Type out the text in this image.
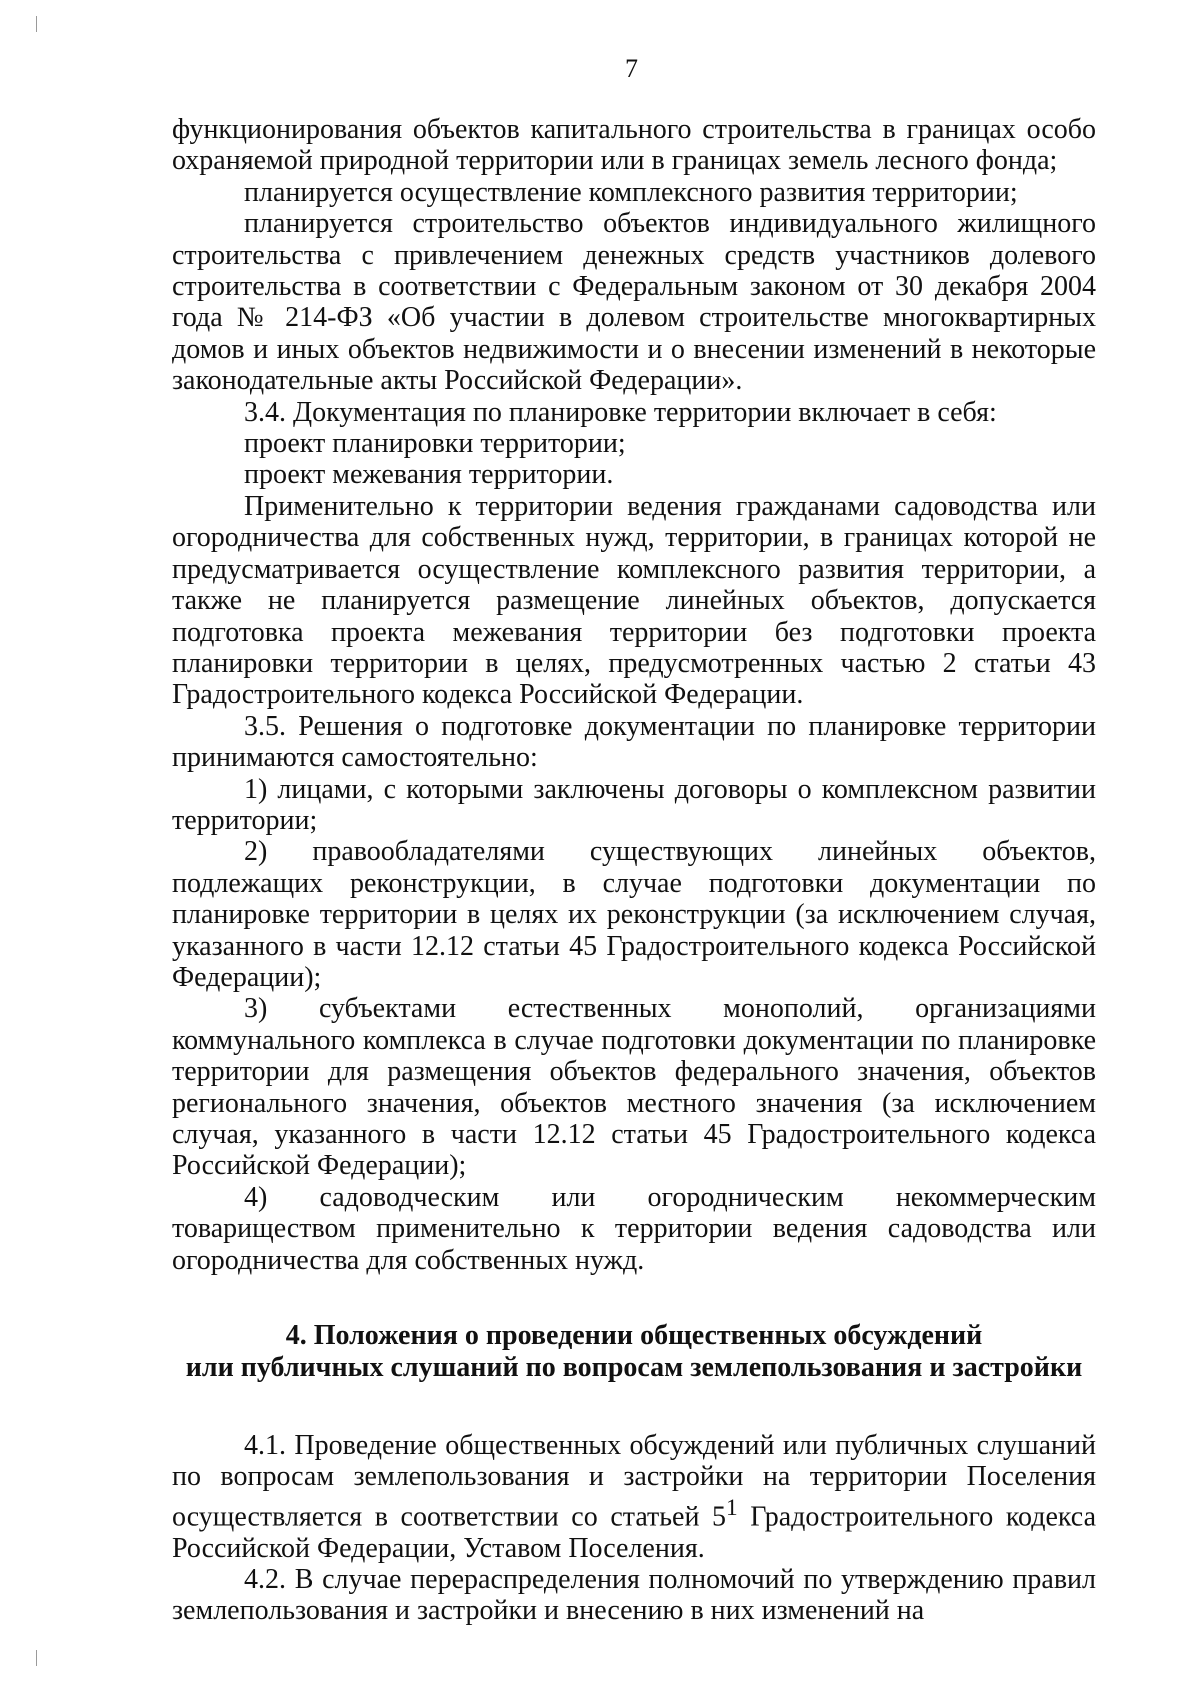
7

функционирования объектов капитального строительства в границах особо охраняемой природной территории или в границах земель лесного фонда;

планируется осуществление комплексного развития территории;

планируется строительство объектов индивидуального жилищного строительства с привлечением денежных средств участников долевого строительства в соответствии с Федеральным законом от 30 декабря 2004 года № 214-ФЗ «Об участии в долевом строительстве многоквартирных домов и иных объектов недвижимости и о внесении изменений в некоторые законодательные акты Российской Федерации».

3.4. Документация по планировке территории включает в себя:

проект планировки территории;

проект межевания территории.

Применительно к территории ведения гражданами садоводства или огородничества для собственных нужд, территории, в границах которой не предусматривается осуществление комплексного развития территории, а также не планируется размещение линейных объектов, допускается подготовка проекта межевания территории без подготовки проекта планировки территории в целях, предусмотренных частью 2 статьи 43 Градостроительного кодекса Российской Федерации.

3.5. Решения о подготовке документации по планировке территории принимаются самостоятельно:

1) лицами, с которыми заключены договоры о комплексном развитии территории;

2) правообладателями существующих линейных объектов, подлежащих реконструкции, в случае подготовки документации по планировке территории в целях их реконструкции (за исключением случая, указанного в части 12.12 статьи 45 Градостроительного кодекса Российской Федерации);

3) субъектами естественных монополий, организациями коммунального комплекса в случае подготовки документации по планировке территории для размещения объектов федерального значения, объектов регионального значения, объектов местного значения (за исключением случая, указанного в части 12.12 статьи 45 Градостроительного кодекса Российской Федерации);

4) садоводческим или огородническим некоммерческим товариществом применительно к территории ведения садоводства или огородничества для собственных нужд.

4. Положения о проведении общественных обсуждений
или публичных слушаний по вопросам землепользования и застройки

4.1. Проведение общественных обсуждений или публичных слушаний по вопросам землепользования и застройки на территории Поселения осуществляется в соответствии со статьей $5^1$ Градостроительного кодекса Российской Федерации, Уставом Поселения.

4.2. В случае перераспределения полномочий по утверждению правил землепользования и застройки и внесению в них изменений на
